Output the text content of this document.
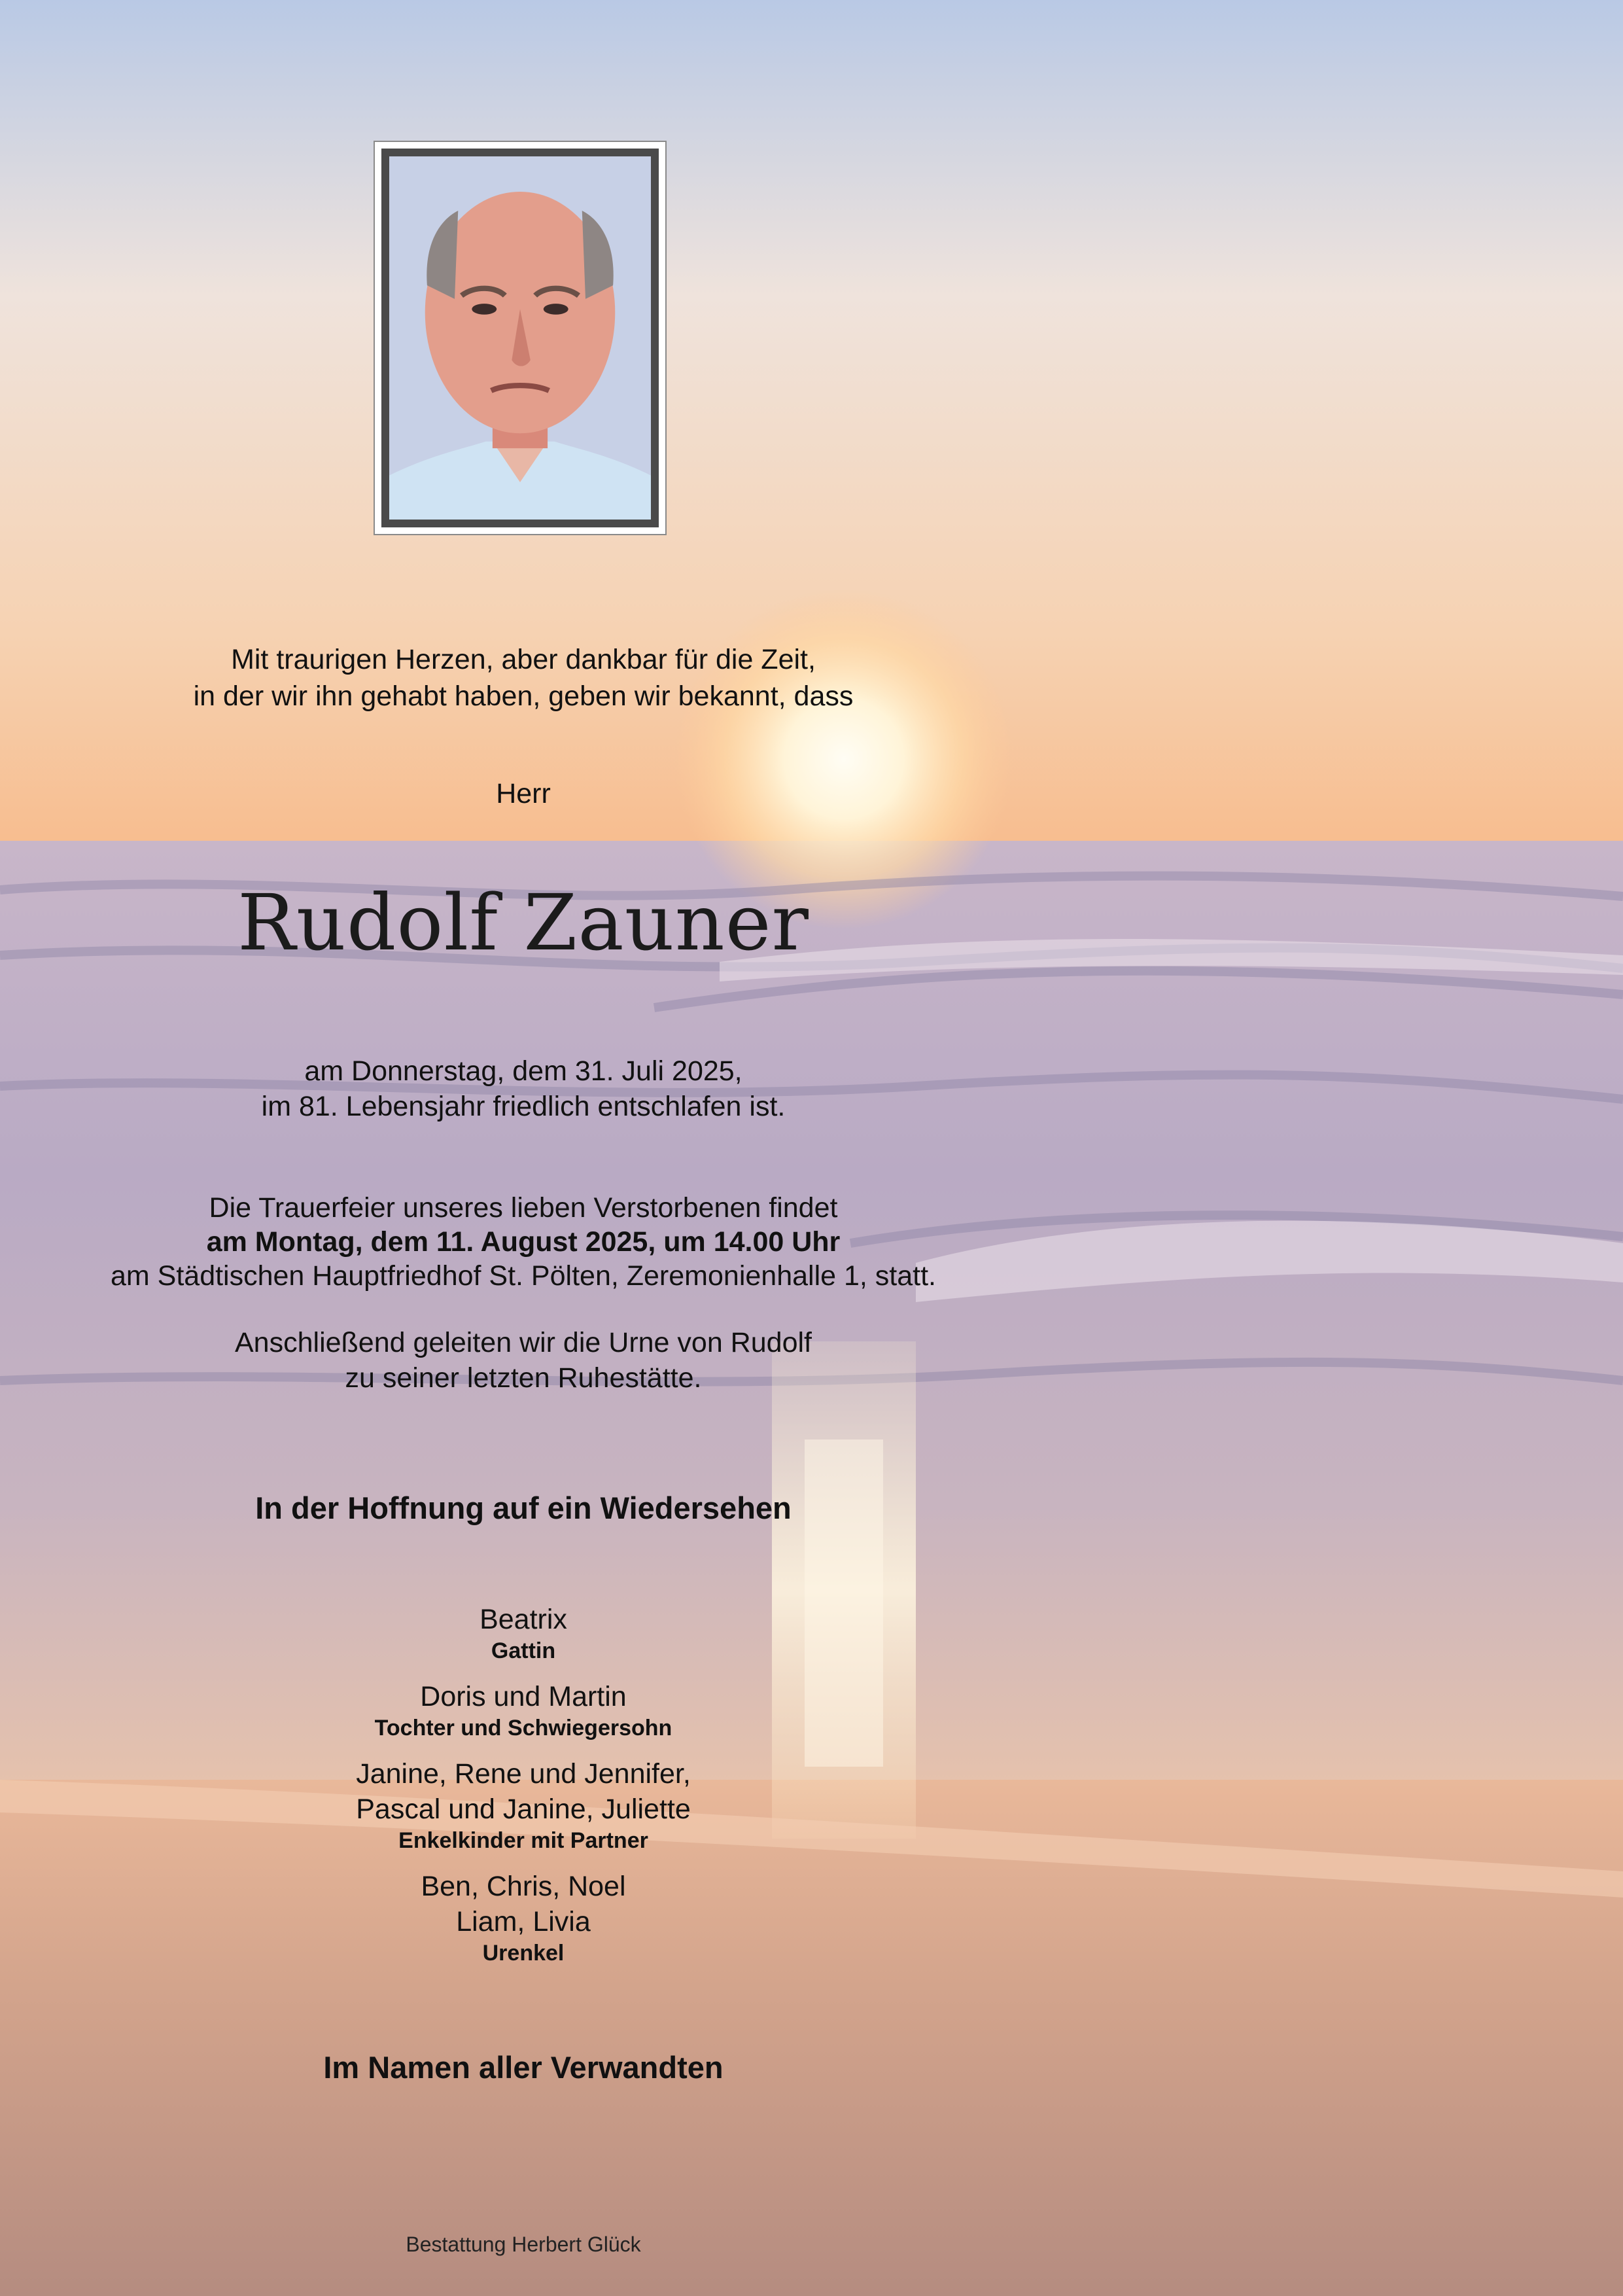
Mit traurigen Herzen, aber dankbar für die Zeit,
in der wir ihn gehabt haben, geben wir bekannt, dass
Herr
Rudolf Zauner
am Donnerstag, dem 31. Juli 2025,
im 81. Lebensjahr friedlich entschlafen ist.
Die Trauerfeier unseres lieben Verstorbenen findet
am Montag, dem 11. August 2025, um 14.00 Uhr
am Städtischen Hauptfriedhof St. Pölten, Zeremonienhalle 1, statt.
Anschließend geleiten wir die Urne von Rudolf
zu seiner letzten Ruhestätte.
In der Hoffnung auf ein Wiedersehen
Beatrix
Gattin
Doris und Martin
Tochter und Schwiegersohn
Janine, Rene und Jennifer,
Pascal und Janine, Juliette
Enkelkinder mit Partner
Ben, Chris, Noel
Liam, Livia
Urenkel
Im Namen aller Verwandten
Bestattung Herbert Glück
